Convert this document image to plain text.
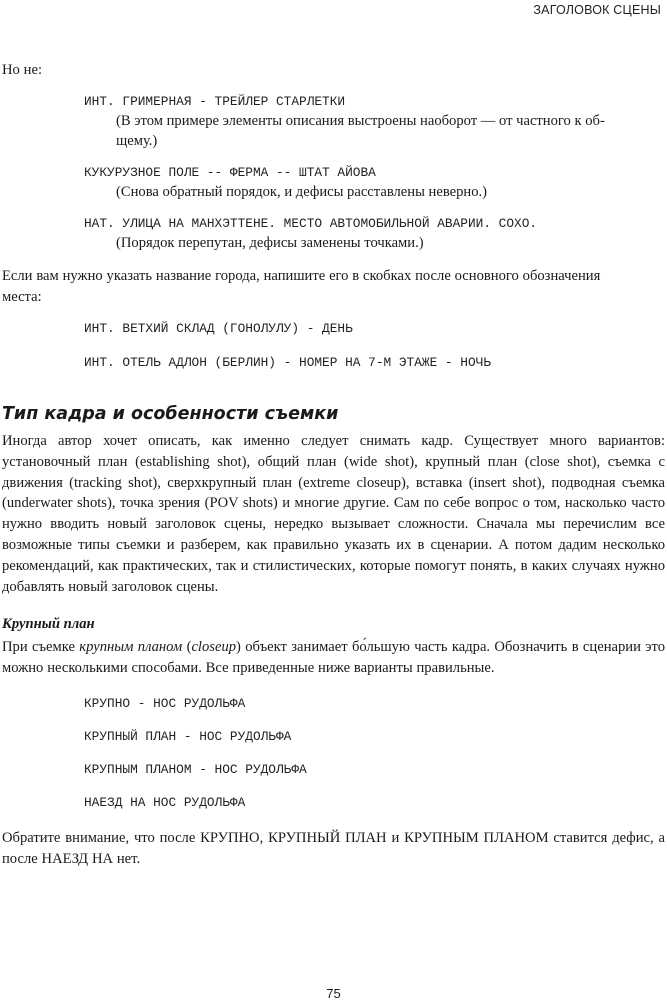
ЗАГОЛОВОК СЦЕНЫ

Но не:

ИНТ. ГРИМЕРНАЯ - ТРЕЙЛЕР СТАРЛЕТКИ
(В этом примере элементы описания выстроены наоборот — от частного к об-
щему.)
КУКУРУЗНОЕ ПОЛЕ -- ФЕРМА -- ШТАТ АЙОВА
(Снова обратный порядок, и дефисы расставлены неверно.)
НАТ. УЛИЦА НА МАНХЭТТЕНЕ. МЕСТО АВТОМОБИЛЬНОЙ АВАРИИ. СОХО.
(Порядок перепутан, дефисы заменены точками.)

Если вам нужно указать название города, напишите его в скобках после основного обозначения
места:

ИНТ. ВЕТХИЙ СКЛАД (ГОНОЛУЛУ) - ДЕНЬ
ИНТ. ОТЕЛЬ АДЛОН (БЕРЛИН) - НОМЕР НА 7-М ЭТАЖЕ - НОЧЬ
Тип кадра и особенности съемки

Иногда автор хочет описать, как именно следует снимать кадр. Существует много вариантов: установочный план (establishing shot), общий план (wide shot), крупный план (close shot), съемка с движения (tracking shot), сверхкрупный план (extreme closeup), вставка (insert shot), подводная съемка (underwater shots), точка зрения (POV shots) и многие другие. Сам по себе вопрос о том, насколько часто нужно вводить новый заголовок сцены, нередко вызывает сложности. Сначала мы перечислим все возможные типы съемки и разберем, как правильно указать их в сценарии. А потом дадим несколько рекомендаций, как практических, так и стилистических, которые помогут понять, в каких случаях нужно добавлять новый заголовок сцены.

Крупный план

При съемке крупным планом (closeup) объект занимает бо́льшую часть кадра. Обозначить в сценарии это можно несколькими способами. Все приведенные ниже варианты правильные.

КРУПНО - НОС РУДОЛЬФА
КРУПНЫЙ ПЛАН - НОС РУДОЛЬФА
КРУПНЫМ ПЛАНОМ - НОС РУДОЛЬФА
НАЕЗД НА НОС РУДОЛЬФА

Обратите внимание, что после КРУПНО, КРУПНЫЙ ПЛАН и КРУПНЫМ ПЛАНОМ ставится дефис, а после НАЕЗД НА нет.

75
